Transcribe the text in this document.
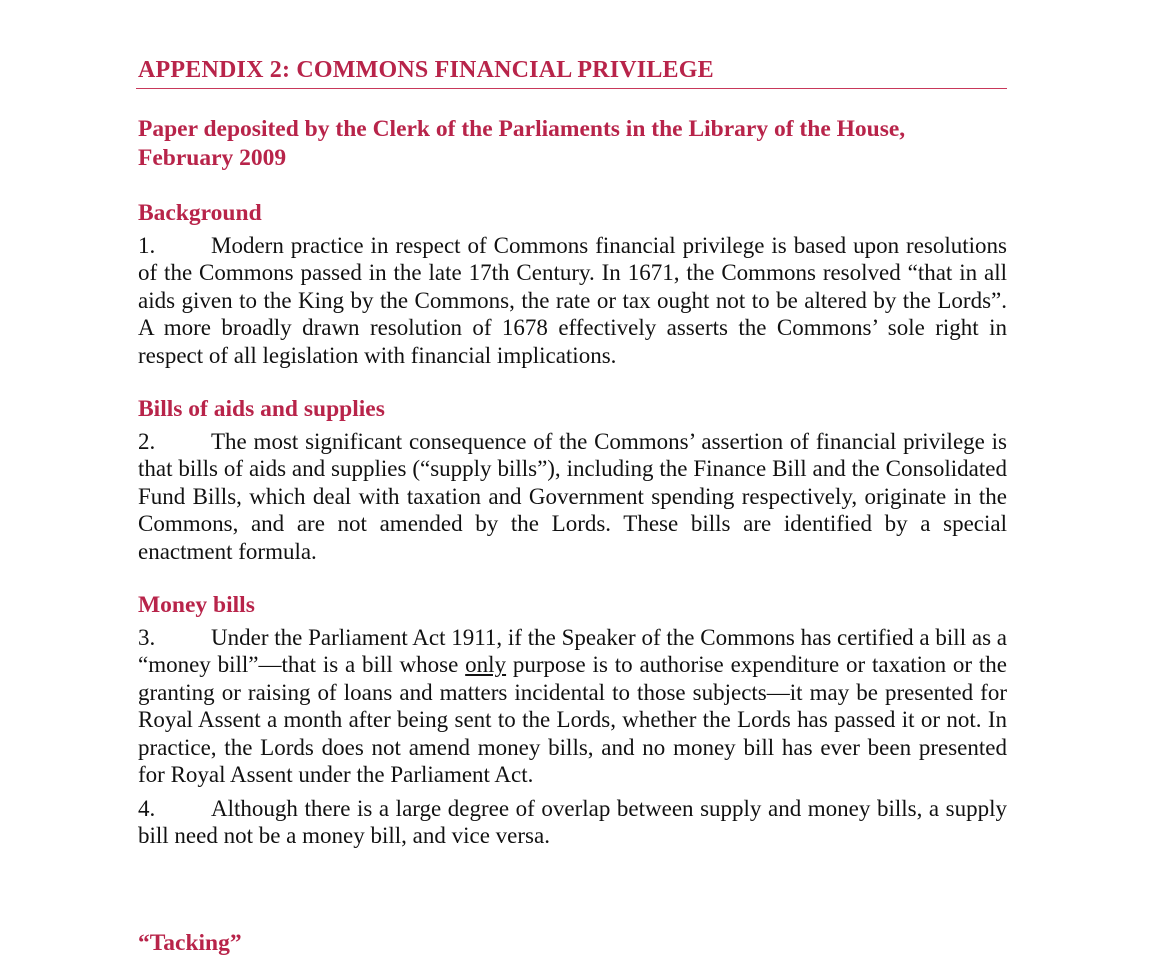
APPENDIX 2: COMMONS FINANCIAL PRIVILEGE
Paper deposited by the Clerk of the Parliaments in the Library of the House,
February 2009
Background

1. Modern practice in respect of Commons financial privilege is based upon resolutions of the Commons passed in the late 17th Century. In 1671, the Commons resolved “that in all aids given to the King by the Commons, the rate or tax ought not to be altered by the Lords”. A more broadly drawn resolution of 1678 effectively asserts the Commons’ sole right in respect of all legislation with financial implications.

Bills of aids and supplies

2. The most significant consequence of the Commons’ assertion of financial privilege is that bills of aids and supplies (“supply bills”), including the Finance Bill and the Consolidated Fund Bills, which deal with taxation and Government spending respectively, originate in the Commons, and are not amended by the Lords. These bills are identified by a special enactment formula.

Money bills

3. Under the Parliament Act 1911, if the Speaker of the Commons has certified a bill as a “money bill”—that is a bill whose only purpose is to authorise expenditure or taxation or the granting or raising of loans and matters incidental to those subjects—it may be presented for Royal Assent a month after being sent to the Lords, whether the Lords has passed it or not. In practice, the Lords does not amend money bills, and no money bill has ever been presented for Royal Assent under the Parliament Act.

4. Although there is a large degree of overlap between supply and money bills, a supply bill need not be a money bill, and vice versa.

“Tacking”
